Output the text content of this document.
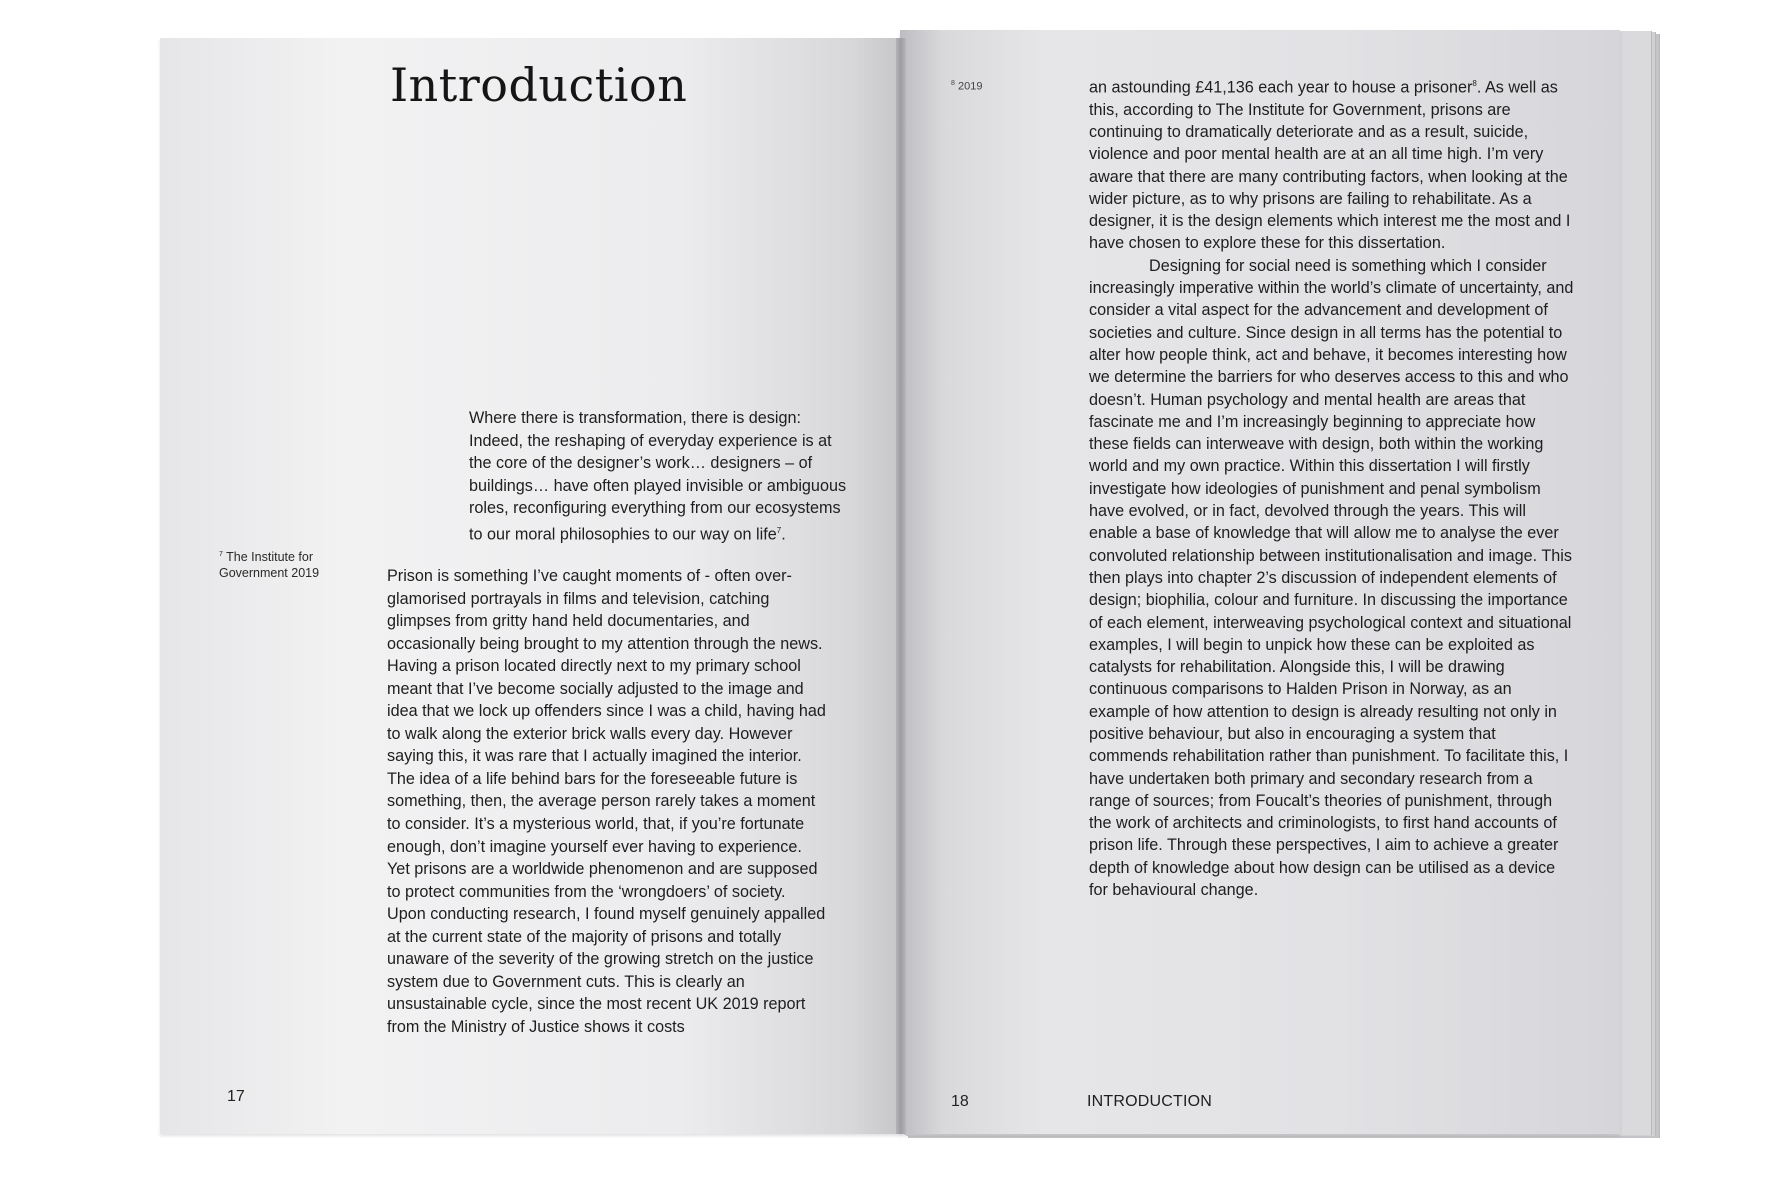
Introduction

Where there is transformation, there is design: Indeed, the reshaping of everyday experience is at the core of the designer’s work… designers – of buildings… have often played invisible or ambiguous roles, reconfiguring everything from our ecosystems to our moral philosophies to our way on life$^7$.

$^7$ The Institute for Government 2019	Prison is something I’ve caught moments of - often over-glamorised portrayals in films and television, catching glimpses from gritty hand held documentaries, and occasionally being brought to my attention through the news. Having a prison located directly next to my primary school meant that I’ve become socially adjusted to the image and idea that we lock up offenders since I was a child, having had to walk along the exterior brick walls every day. However saying this, it was rare that I actually imagined the interior. The idea of a life behind bars for the foreseeable future is something, then, the average person rarely takes a moment to consider. It’s a mysterious world, that, if you’re fortunate enough, don’t imagine yourself ever having to experience. Yet prisons are a worldwide phenomenon and are supposed to protect communities from the ‘wrongdoers’ of society. Upon conducting research, I found myself genuinely appalled at the current state of the majority of prisons and totally unaware of the severity of the growing stretch on the justice system due to Government cuts. This is clearly an unsustainable cycle, since the most recent UK 2019 report from the Ministry of Justice shows it costs

17
$^8$ 2019	an astounding £41,136 each year to house a prisoner$^8$. As well as this, according to The Institute for Government, prisons are continuing to dramatically deteriorate and as a result, suicide, violence and poor mental health are at an all time high. I’m very aware that there are many contributing factors, when looking at the wider picture, as to why prisons are failing to rehabilitate. As a designer, it is the design elements which interest me the most and I have chosen to explore these for this dissertation.

Designing for social need is something which I consider increasingly imperative within the world’s climate of uncertainty, and consider a vital aspect for the advancement and development of societies and culture. Since design in all terms has the potential to alter how people think, act and behave, it becomes interesting how we determine the barriers for who deserves access to this and who doesn’t. Human psychology and mental health are areas that fascinate me and I’m increasingly beginning to appreciate how these fields can interweave with design, both within the working world and my own practice. Within this dissertation I will firstly investigate how ideologies of punishment and penal symbolism have evolved, or in fact, devolved through the years. This will enable a base of knowledge that will allow me to analyse the ever convoluted relationship between institutionalisation and image. This then plays into chapter 2’s discussion of independent elements of design; biophilia, colour and furniture. In discussing the importance of each element, interweaving psychological context and situational examples, I will begin to unpick how these can be exploited as catalysts for rehabilitation. Alongside this, I will be drawing continuous comparisons to Halden Prison in Norway, as an example of how attention to design is already resulting not only in positive behaviour, but also in encouraging a system that commends rehabilitation rather than punishment. To facilitate this, I have undertaken both primary and secondary research from a range of sources; from Foucalt’s theories of punishment, through the work of architects and criminologists, to first hand accounts of prison life. Through these perspectives, I aim to achieve a greater depth of knowledge about how design can be utilised as a device for behavioural change.

18	INTRODUCTION
